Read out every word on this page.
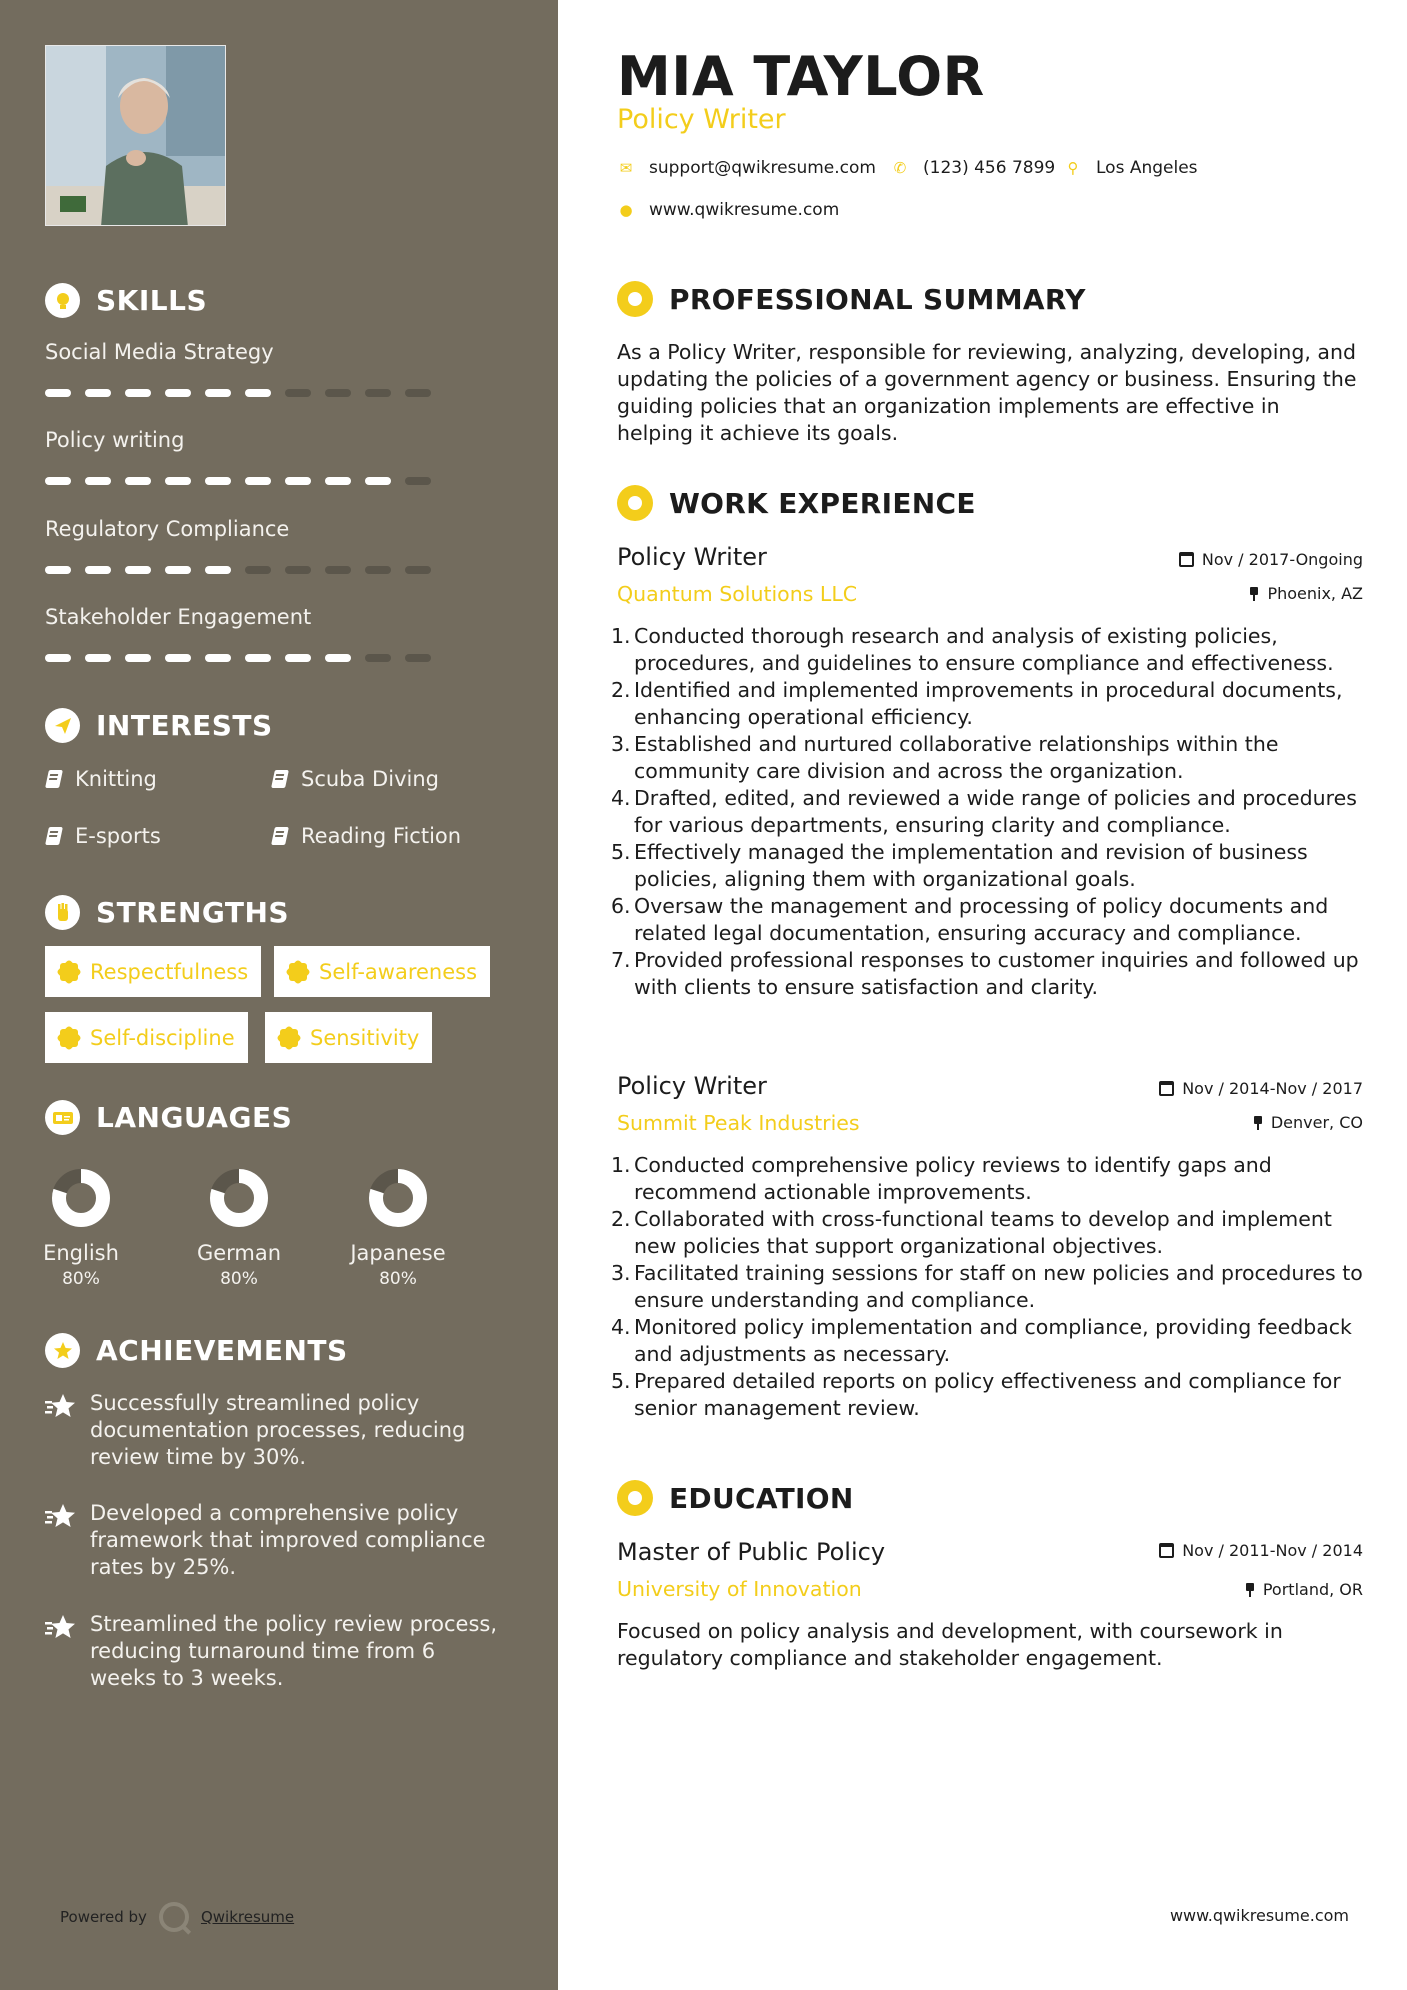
SKILLS
Social Media Strategy
Policy writing
Regulatory Compliance
Stakeholder Engagement
INTERESTS
Knitting	Scuba Diving
E-sports	Reading Fiction
STRENGTHS
Respectfulness	Self-awareness
Self-discipline	Sensitivity
LANGUAGES
English
80%
German
80%
Japanese
80%
ACHIEVEMENTS
Successfully streamlined policy documentation processes, reducing review time by 30%.
Developed a comprehensive policy framework that improved compliance rates by 25%.
Streamlined the policy review process, reducing turnaround time from 6 weeks to 3 weeks.
Powered by	Qwikresume
MIA TAYLOR
Policy Writer
✉ support@qwikresume.com ✆ (123) 456 7899 ⚲ Los Angeles
● www.qwikresume.com
PROFESSIONAL SUMMARY
As a Policy Writer, responsible for reviewing, analyzing, developing, and updating the policies of a government agency or business. Ensuring the guiding policies that an organization implements are effective in helping it achieve its goals.
WORK EXPERIENCE
Policy Writer	Nov / 2017-Ongoing
Quantum Solutions LLC	Phoenix, AZ
Conducted thorough research and analysis of existing policies, procedures, and guidelines to ensure compliance and effectiveness.
Identified and implemented improvements in procedural documents, enhancing operational efficiency.
Established and nurtured collaborative relationships within the community care division and across the organization.
Drafted, edited, and reviewed a wide range of policies and procedures for various departments, ensuring clarity and compliance.
Effectively managed the implementation and revision of business policies, aligning them with organizational goals.
Oversaw the management and processing of policy documents and related legal documentation, ensuring accuracy and compliance.
Provided professional responses to customer inquiries and followed up with clients to ensure satisfaction and clarity.
Policy Writer	Nov / 2014-Nov / 2017
Summit Peak Industries	Denver, CO
Conducted comprehensive policy reviews to identify gaps and recommend actionable improvements.
Collaborated with cross-functional teams to develop and implement new policies that support organizational objectives.
Facilitated training sessions for staff on new policies and procedures to ensure understanding and compliance.
Monitored policy implementation and compliance, providing feedback and adjustments as necessary.
Prepared detailed reports on policy effectiveness and compliance for senior management review.
EDUCATION
Master of Public Policy	Nov / 2011-Nov / 2014
University of Innovation	Portland, OR
Focused on policy analysis and development, with coursework in regulatory compliance and stakeholder engagement.
www.qwikresume.com
